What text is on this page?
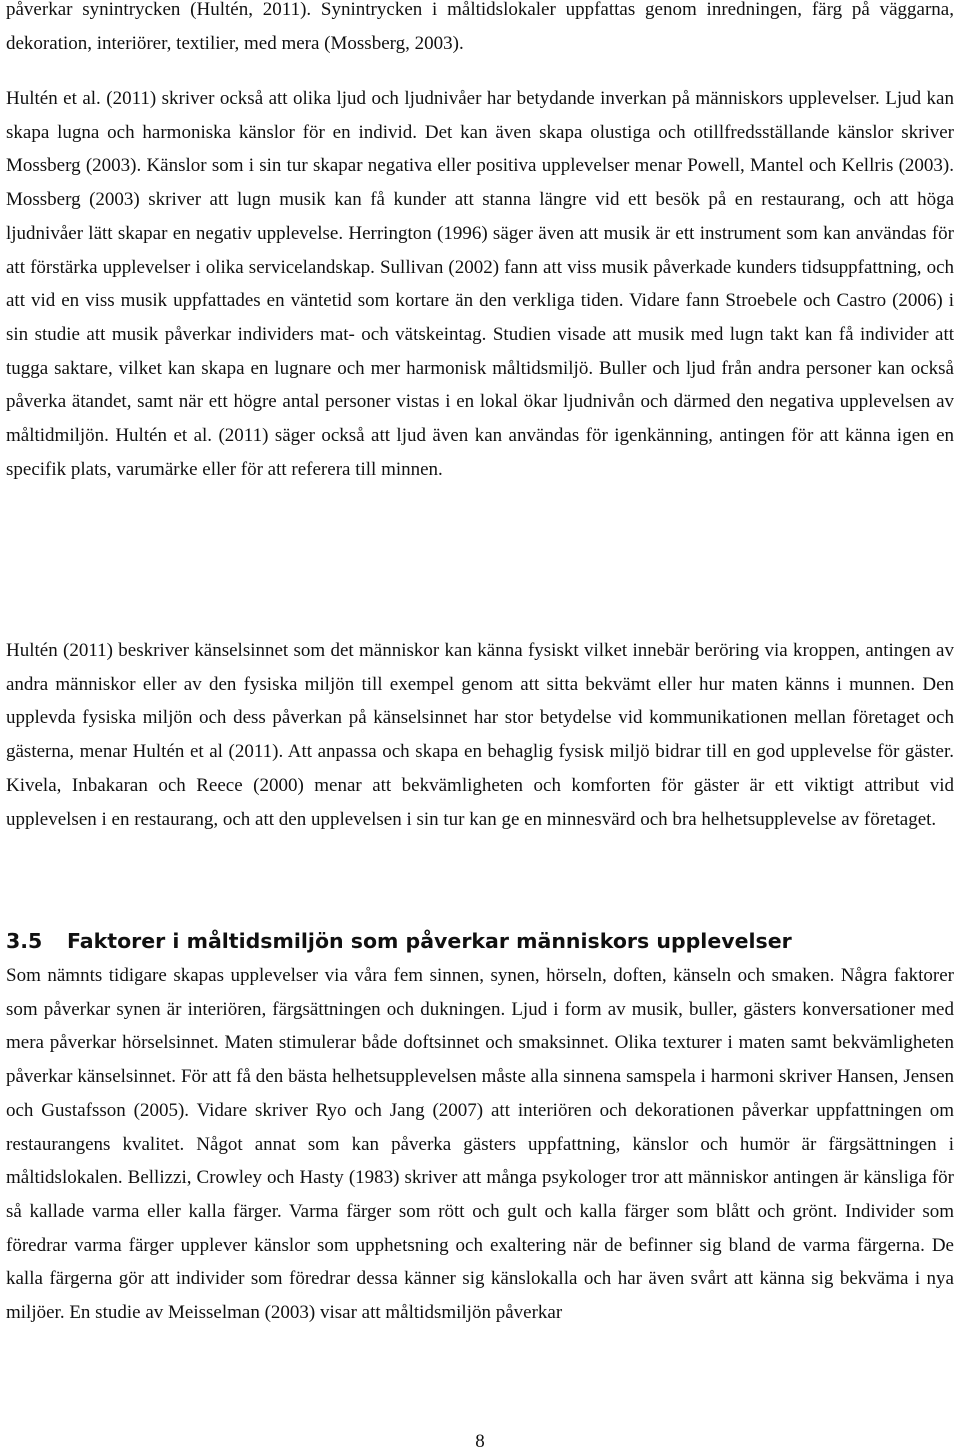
påverkar synintrycken (Hultén, 2011). Synintrycken i måltidslokaler uppfattas genom inredningen, färg på väggarna, dekoration, interiörer, textilier, med mera (Mossberg, 2003).

Hultén et al. (2011) skriver också att olika ljud och ljudnivåer har betydande inverkan på människors upplevelser. Ljud kan skapa lugna och harmoniska känslor för en individ. Det kan även skapa olustiga och otillfredsställande känslor skriver Mossberg (2003). Känslor som i sin tur skapar negativa eller positiva upplevelser menar Powell, Mantel och Kellris (2003). Mossberg (2003) skriver att lugn musik kan få kunder att stanna längre vid ett besök på en restaurang, och att höga ljudnivåer lätt skapar en negativ upplevelse. Herrington (1996) säger även att musik är ett instrument som kan användas för att förstärka upplevelser i olika servicelandskap. Sullivan (2002) fann att viss musik påverkade kunders tidsuppfattning, och att vid en viss musik uppfattades en väntetid som kortare än den verkliga tiden. Vidare fann Stroebele och Castro (2006) i sin studie att musik påverkar individers mat- och vätskeintag. Studien visade att musik med lugn takt kan få individer att tugga saktare, vilket kan skapa en lugnare och mer harmonisk måltidsmiljö. Buller och ljud från andra personer kan också påverka ätandet, samt när ett högre antal personer vistas i en lokal ökar ljudnivån och därmed den negativa upplevelsen av måltidmiljön. Hultén et al. (2011) säger också att ljud även kan användas för igenkänning, antingen för att känna igen en specifik plats, varumärke eller för att referera till minnen.

Hultén (2011) beskriver känselsinnet som det människor kan känna fysiskt vilket innebär beröring via kroppen, antingen av andra människor eller av den fysiska miljön till exempel genom att sitta bekvämt eller hur maten känns i munnen. Den upplevda fysiska miljön och dess påverkan på känselsinnet har stor betydelse vid kommunikationen mellan företaget och gästerna, menar Hultén et al (2011). Att anpassa och skapa en behaglig fysisk miljö bidrar till en god upplevelse för gäster. Kivela, Inbakaran och Reece (2000) menar att bekvämligheten och komforten för gäster är ett viktigt attribut vid upplevelsen i en restaurang, och att den upplevelsen i sin tur kan ge en minnesvärd och bra helhetsupplevelse av företaget.

3.5 Faktorer i måltidsmiljön som påverkar människors upplevelser

Som nämnts tidigare skapas upplevelser via våra fem sinnen, synen, hörseln, doften, känseln och smaken. Några faktorer som påverkar synen är interiören, färgsättningen och dukningen. Ljud i form av musik, buller, gästers konversationer med mera påverkar hörselsinnet. Maten stimulerar både doftsinnet och smaksinnet. Olika texturer i maten samt bekvämligheten påverkar känselsinnet. För att få den bästa helhetsupplevelsen måste alla sinnena samspela i harmoni skriver Hansen, Jensen och Gustafsson (2005). Vidare skriver Ryo och Jang (2007) att interiören och dekorationen påverkar uppfattningen om restaurangens kvalitet. Något annat som kan påverka gästers uppfattning, känslor och humör är färgsättningen i måltidslokalen. Bellizzi, Crowley och Hasty (1983) skriver att många psykologer tror att människor antingen är känsliga för så kallade varma eller kalla färger. Varma färger som rött och gult och kalla färger som blått och grönt. Individer som föredrar varma färger upplever känslor som upphetsning och exaltering när de befinner sig bland de varma färgerna. De kalla färgerna gör att individer som föredrar dessa känner sig känslokalla och har även svårt att känna sig bekväma i nya miljöer. En studie av Meisselman (2003) visar att måltidsmiljön påverkar

8
